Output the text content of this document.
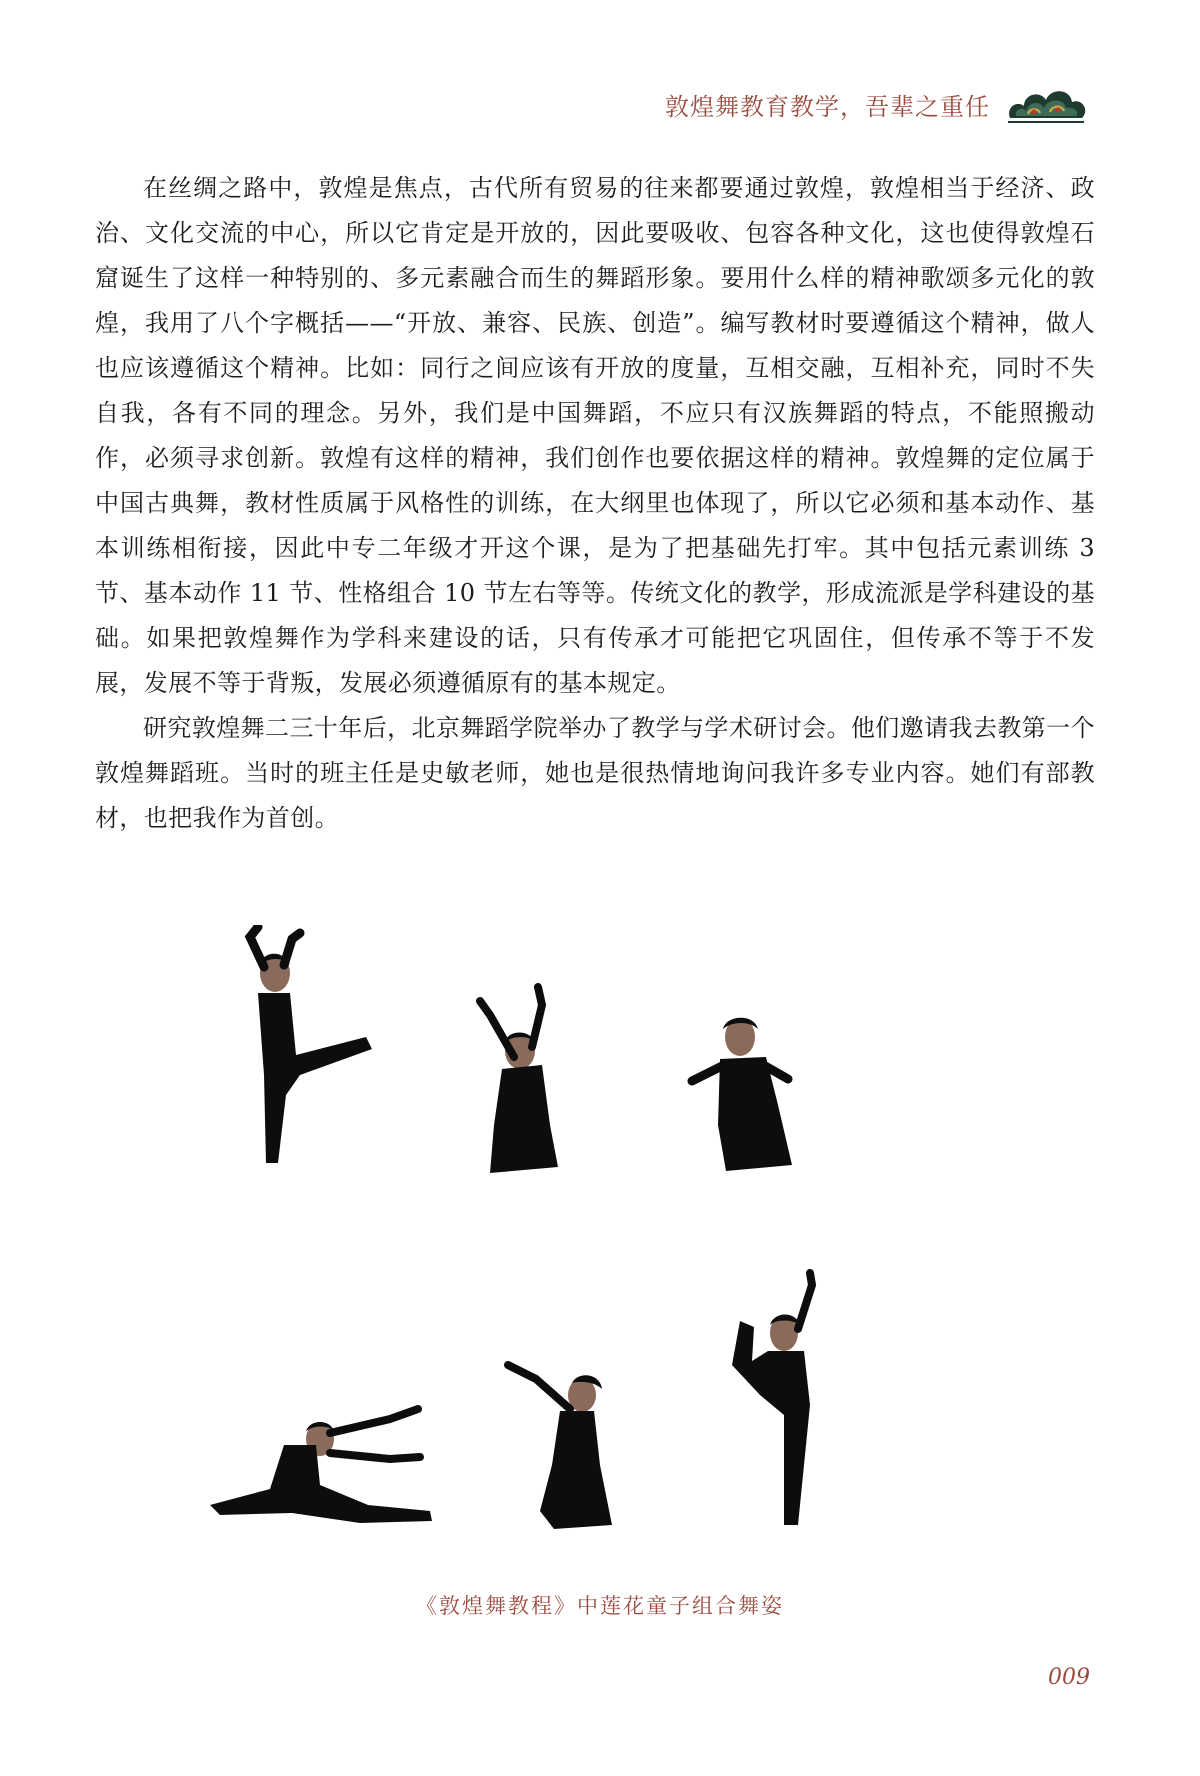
敦煌舞教育教学，吾辈之重任

在丝绸之路中，敦煌是焦点，古代所有贸易的往来都要通过敦煌，敦煌相当于经济、政治、文化交流的中心，所以它肯定是开放的，因此要吸收、包容各种文化，这也使得敦煌石窟诞生了这样一种特别的、多元素融合而生的舞蹈形象。要用什么样的精神歌颂多元化的敦煌，我用了八个字概括——“开放、兼容、民族、创造”。编写教材时要遵循这个精神，做人也应该遵循这个精神。比如：同行之间应该有开放的度量，互相交融，互相补充，同时不失自我，各有不同的理念。另外，我们是中国舞蹈，不应只有汉族舞蹈的特点，不能照搬动作，必须寻求创新。敦煌有这样的精神，我们创作也要依据这样的精神。敦煌舞的定位属于中国古典舞，教材性质属于风格性的训练，在大纲里也体现了，所以它必须和基本动作、基本训练相衔接，因此中专二年级才开这个课，是为了把基础先打牢。其中包括元素训练 3 节、基本动作 11 节、性格组合 10 节左右等等。传统文化的教学，形成流派是学科建设的基础。如果把敦煌舞作为学科来建设的话，只有传承才可能把它巩固住，但传承不等于不发展，发展不等于背叛，发展必须遵循原有的基本规定。

研究敦煌舞二三十年后，北京舞蹈学院举办了教学与学术研讨会。他们邀请我去教第一个敦煌舞蹈班。当时的班主任是史敏老师，她也是很热情地询问我许多专业内容。她们有部教材，也把我作为首创。

《敦煌舞教程》中莲花童子组合舞姿
009
